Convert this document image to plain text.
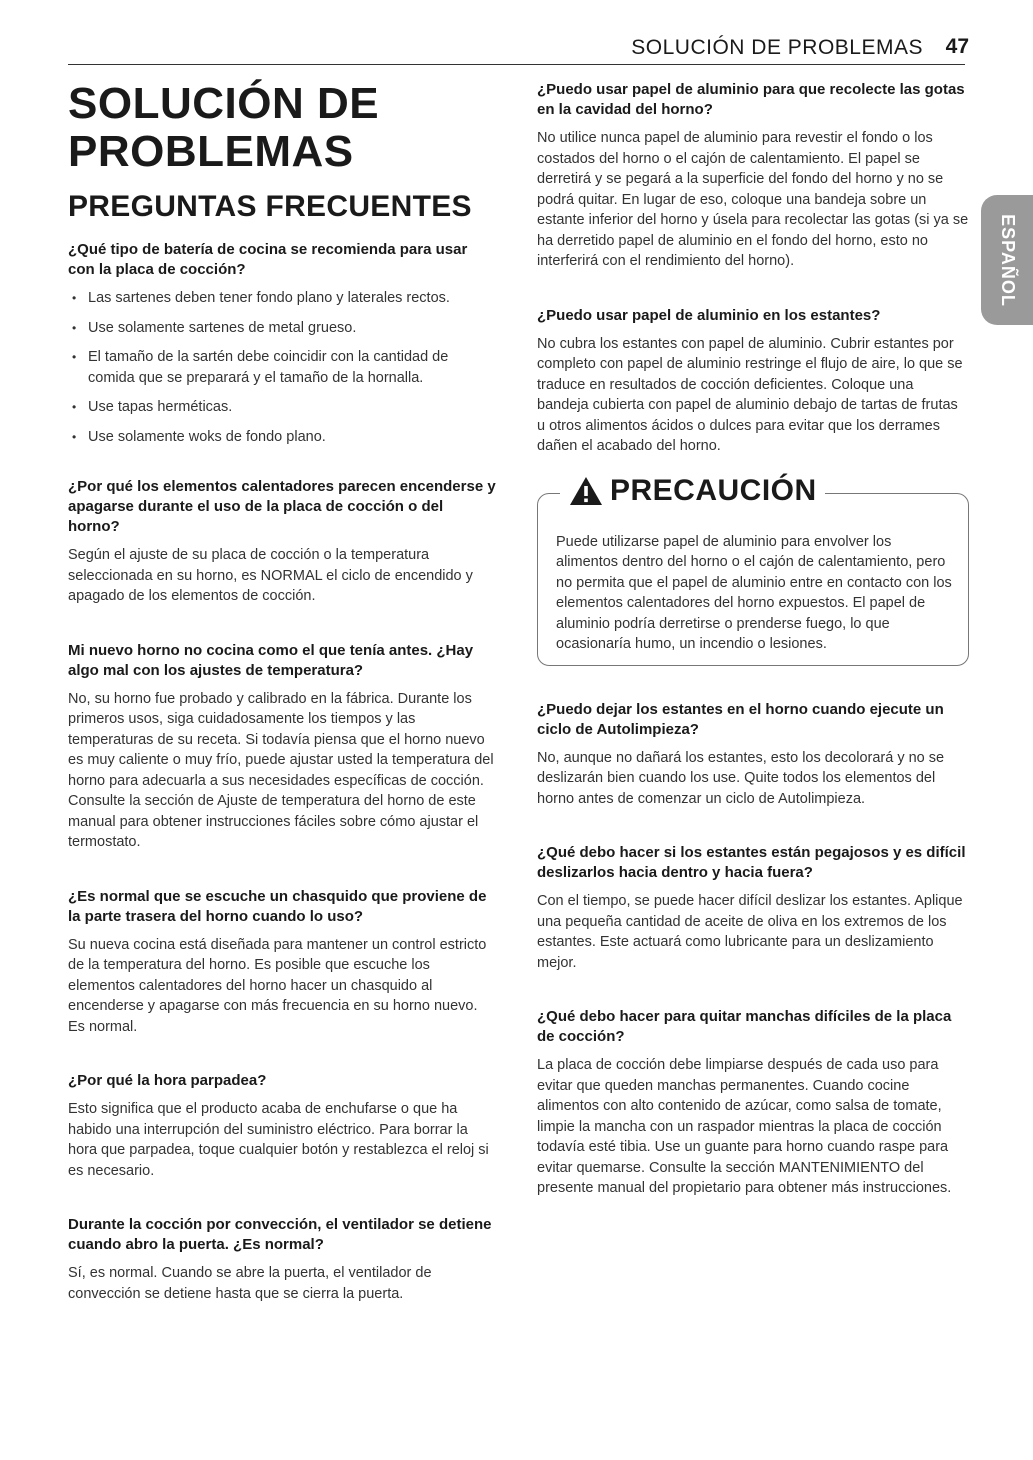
SOLUCIÓN DE PROBLEMAS 47
ESPAÑOL
SOLUCIÓN DE
PROBLEMAS
PREGUNTAS FRECUENTES

¿Qué tipo de batería de cocina se recomienda para usar con la placa de cocción?

• Las sartenes deben tener fondo plano y laterales rectos.
• Use solamente sartenes de metal grueso.
• El tamaño de la sartén debe coincidir con la cantidad de comida que se preparará y el tamaño de la hornalla.
• Use tapas herméticas.
• Use solamente woks de fondo plano.

¿Por qué los elementos calentadores parecen encenderse y apagarse durante el uso de la placa de cocción o del horno?

Según el ajuste de su placa de cocción o la temperatura seleccionada en su horno, es NORMAL el ciclo de encendido y apagado de los elementos de cocción.

Mi nuevo horno no cocina como el que tenía antes. ¿Hay algo mal con los ajustes de temperatura?

No, su horno fue probado y calibrado en la fábrica. Durante los primeros usos, siga cuidadosamente los tiempos y las temperaturas de su receta. Si todavía piensa que el horno nuevo es muy caliente o muy frío, puede ajustar usted la temperatura del horno para adecuarla a sus necesidades específicas de cocción. Consulte la sección de Ajuste de temperatura del horno de este manual para obtener instrucciones fáciles sobre cómo ajustar el termostato.

¿Es normal que se escuche un chasquido que proviene de la parte trasera del horno cuando lo uso?

Su nueva cocina está diseñada para mantener un control estricto de la temperatura del horno. Es posible que escuche los elementos calentadores del horno hacer un chasquido al encenderse y apagarse con más frecuencia en su horno nuevo. Es normal.

¿Por qué la hora parpadea?

Esto significa que el producto acaba de enchufarse o que ha habido una interrupción del suministro eléctrico. Para borrar la hora que parpadea, toque cualquier botón y restablezca el reloj si es necesario.

Durante la cocción por convección, el ventilador se detiene cuando abro la puerta. ¿Es normal?

Sí, es normal. Cuando se abre la puerta, el ventilador de convección se detiene hasta que se cierra la puerta.

¿Puedo usar papel de aluminio para que recolecte las gotas en la cavidad del horno?

No utilice nunca papel de aluminio para revestir el fondo o los costados del horno o el cajón de calentamiento. El papel se derretirá y se pegará a la superficie del fondo del horno y no se podrá quitar. En lugar de eso, coloque una bandeja sobre un estante inferior del horno y úsela para recolectar las gotas (si ya se ha derretido papel de aluminio en el fondo del horno, esto no interferirá con el rendimiento del horno).

¿Puedo usar papel de aluminio en los estantes?

No cubra los estantes con papel de aluminio. Cubrir estantes por completo con papel de aluminio restringe el flujo de aire, lo que se traduce en resultados de cocción deficientes. Coloque una bandeja cubierta con papel de aluminio debajo de tartas de frutas u otros alimentos ácidos o dulces para evitar que los derrames dañen el acabado del horno.

PRECAUCIÓN

Puede utilizarse papel de aluminio para envolver los alimentos dentro del horno o el cajón de calentamiento, pero no permita que el papel de aluminio entre en contacto con los elementos calentadores del horno expuestos. El papel de aluminio podría derretirse o prenderse fuego, lo que ocasionaría humo, un incendio o lesiones.

¿Puedo dejar los estantes en el horno cuando ejecute un ciclo de Autolimpieza?

No, aunque no dañará los estantes, esto los decolorará y no se deslizarán bien cuando los use. Quite todos los elementos del horno antes de comenzar un ciclo de Autolimpieza.

¿Qué debo hacer si los estantes están pegajosos y es difícil deslizarlos hacia dentro y hacia fuera?

Con el tiempo, se puede hacer difícil deslizar los estantes. Aplique una pequeña cantidad de aceite de oliva en los extremos de los estantes. Este actuará como lubricante para un deslizamiento mejor.

¿Qué debo hacer para quitar manchas difíciles de la placa de cocción?

La placa de cocción debe limpiarse después de cada uso para evitar que queden manchas permanentes. Cuando cocine alimentos con alto contenido de azúcar, como salsa de tomate, limpie la mancha con un raspador mientras la placa de cocción todavía esté tibia. Use un guante para horno cuando raspe para evitar quemarse. Consulte la sección MANTENIMIENTO del presente manual del propietario para obtener más instrucciones.
